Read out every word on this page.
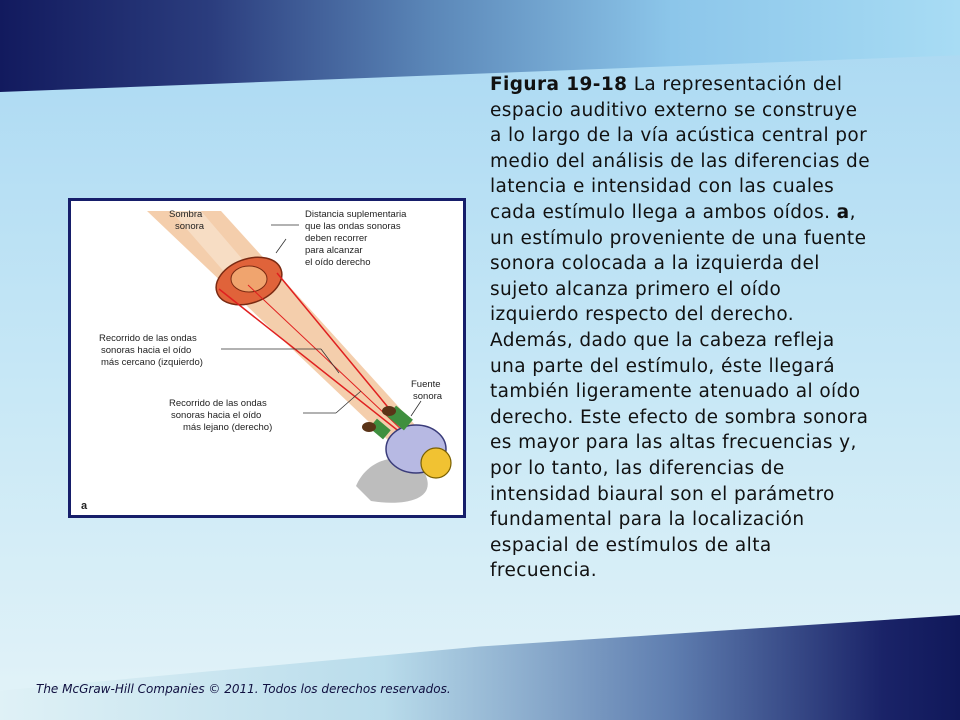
Sombra
sonora
Distancia suplementaria
que las ondas sonoras
deben recorrer
para alcanzar
el oído derecho
Recorrido de las ondas
sonoras hacia el oído
más cercano (izquierdo)
Recorrido de las ondas
sonoras hacia el oído
más lejano (derecho)
Fuente
sonora
a
Figura 19-18 La representación del espacio auditivo externo se construye a lo largo de la vía acústica central por medio del análisis de las diferencias de latencia e intensidad con las cuales cada estímulo llega a ambos oídos. a, un estímulo proveniente de una fuente sonora colocada a la izquierda del sujeto alcanza primero el oído izquierdo respecto del derecho. Además, dado que la cabeza refleja una parte del estímulo, éste llegará también ligeramente atenuado al oído derecho. Este efecto de sombra sonora es mayor para las altas frecuencias y, por lo tanto, las diferencias de intensidad biaural son el parámetro fundamental para la localización espacial de estímulos de alta frecuencia.
The McGraw-Hill Companies © 2011. Todos los derechos reservados.
